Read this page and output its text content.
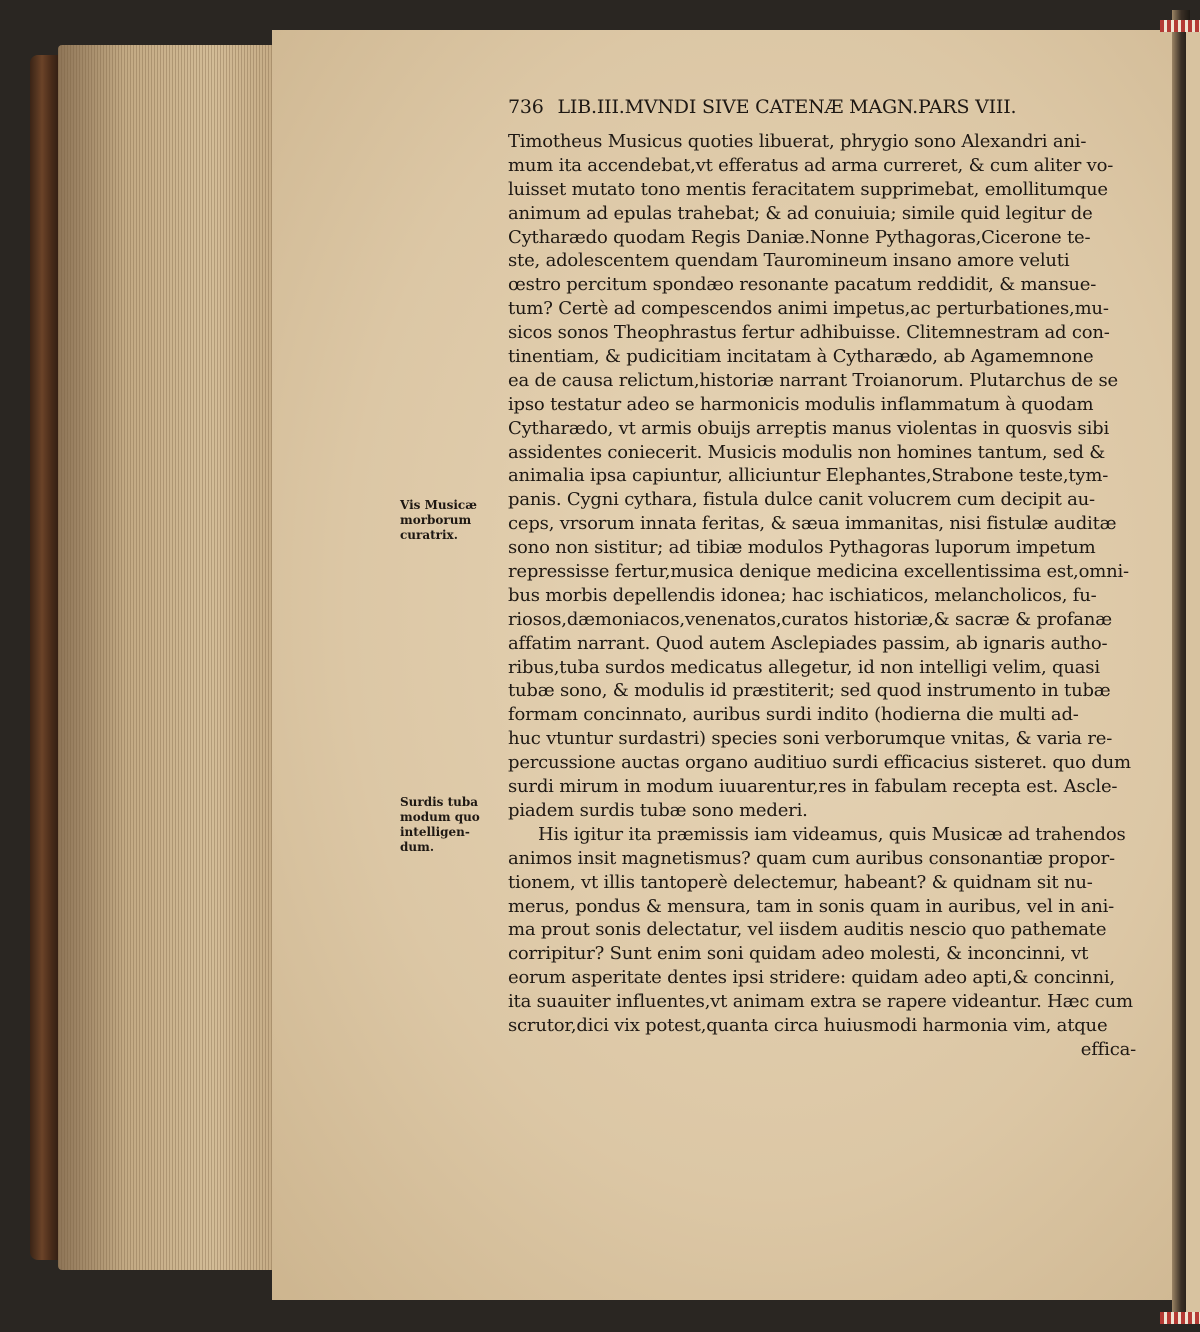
Vis Musicæ
morborum
curatrix.
Surdis tuba
modum quo
intelligen-
dum.
736 LIB.III.MVNDI SIVE CATENÆ MAGN.PARS VIII.
Timotheus Musicus quoties libuerat, phrygio sono Alexandri ani-
mum ita accendebat,vt efferatus ad arma curreret, & cum aliter vo-
luisset mutato tono mentis feracitatem supprimebat, emollitumque
animum ad epulas trahebat; & ad conuiuia; simile quid legitur de
Cytharædo quodam Regis Daniæ.Nonne Pythagoras,Cicerone te-
ste, adolescentem quendam Tauromineum insano amore veluti
œstro percitum spondæo resonante pacatum reddidit, & mansue-
tum? Certè ad compescendos animi impetus,ac perturbationes,mu-
sicos sonos Theophrastus fertur adhibuisse. Clitemnestram ad con-
tinentiam, & pudicitiam incitatam à Cytharædo, ab Agamemnone
ea de causa relictum,historiæ narrant Troianorum. Plutarchus de se
ipso testatur adeo se harmonicis modulis inflammatum à quodam
Cytharædo, vt armis obuijs arreptis manus violentas in quosvis sibi
assidentes coniecerit. Musicis modulis non homines tantum, sed &
animalia ipsa capiuntur, alliciuntur Elephantes,Strabone teste,tym-
panis. Cygni cythara, fistula dulce canit volucrem cum decipit au-
ceps, vrsorum innata feritas, & sæua immanitas, nisi fistulæ auditæ
sono non sistitur; ad tibiæ modulos Pythagoras luporum impetum
repressisse fertur,musica denique medicina excellentissima est,omni-
bus morbis depellendis idonea; hac ischiaticos, melancholicos, fu-
riosos,dæmoniacos,venenatos,curatos historiæ,& sacræ & profanæ
affatim narrant. Quod autem Asclepiades passim, ab ignaris autho-
ribus,tuba surdos medicatus allegetur, id non intelligi velim, quasi
tubæ sono, & modulis id præstiterit; sed quod instrumento in tubæ
formam concinnato, auribus surdi indito (hodierna die multi ad-
huc vtuntur surdastri) species soni verborumque vnitas, & varia re-
percussione auctas organo auditiuo surdi efficacius sisteret. quo dum
surdi mirum in modum iuuarentur,res in fabulam recepta est. Ascle-
piadem surdis tubæ sono mederi.
His igitur ita præmissis iam videamus, quis Musicæ ad trahendos
animos insit magnetismus? quam cum auribus consonantiæ propor-
tionem, vt illis tantoperè delectemur, habeant? & quidnam sit nu-
merus, pondus & mensura, tam in sonis quam in auribus, vel in ani-
ma prout sonis delectatur, vel iisdem auditis nescio quo pathemate
corripitur? Sunt enim soni quidam adeo molesti, & inconcinni, vt
eorum asperitate dentes ipsi stridere: quidam adeo apti,& concinni,
ita suauiter influentes,vt animam extra se rapere videantur. Hæc cum
scrutor,dici vix potest,quanta circa huiusmodi harmonia vim, atque
effica-
